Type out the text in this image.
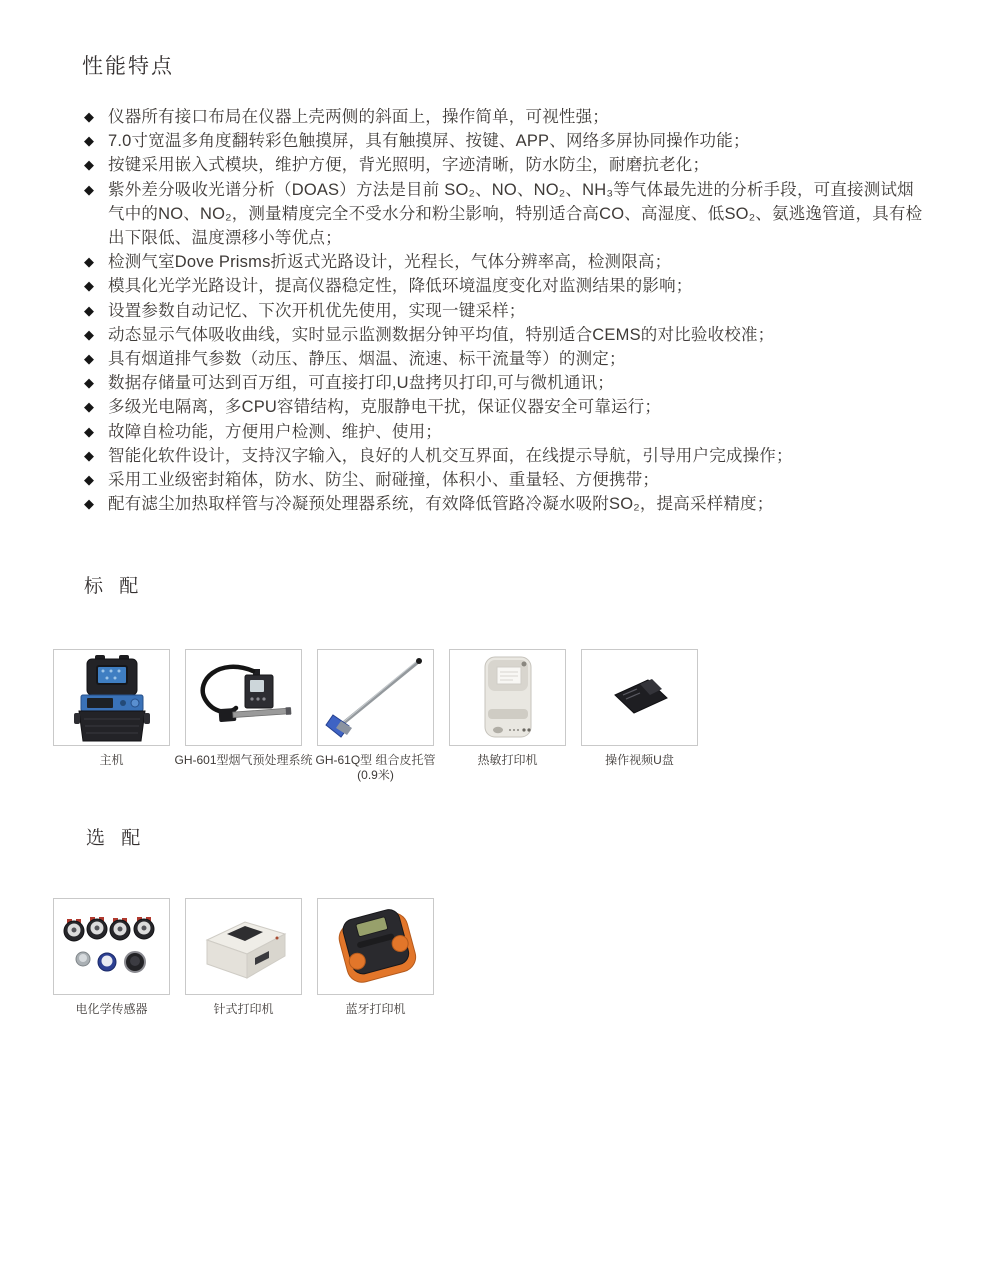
性能特点
◆ 仪器所有接口布局在仪器上壳两侧的斜面上，操作简单，可视性强；
◆ 7.0寸宽温多角度翻转彩色触摸屏，具有触摸屏、按键、APP、网络多屏协同操作功能；
◆ 按键采用嵌入式模块，维护方便，背光照明，字迹清晰，防水防尘，耐磨抗老化；
◆ 紫外差分吸收光谱分析（DOAS）方法是目前 SO₂、NO、NO₂、NH₃等气体最先进的分析手段，可直接测试烟气中的NO、NO₂，测量精度完全不受水分和粉尘影响，特别适合高CO、高湿度、低SO₂、氨逃逸管道，具有检出下限低、温度漂移小等优点；
◆ 检测气室Dove Prisms折返式光路设计，光程长，气体分辨率高，检测限高；
◆ 模具化光学光路设计，提高仪器稳定性，降低环境温度变化对监测结果的影响；
◆ 设置参数自动记忆、下次开机优先使用，实现一键采样；
◆ 动态显示气体吸收曲线，实时显示监测数据分钟平均值，特别适合CEMS的对比验收校准；
◆ 具有烟道排气参数（动压、静压、烟温、流速、标干流量等）的测定；
◆ 数据存储量可达到百万组，可直接打印,U盘拷贝打印,可与微机通讯；
◆ 多级光电隔离，多CPU容错结构，克服静电干扰，保证仪器安全可靠运行；
◆ 故障自检功能，方便用户检测、维护、使用；
◆ 智能化软件设计，支持汉字输入，良好的人机交互界面，在线提示导航，引导用户完成操作；
◆ 采用工业级密封箱体，防水、防尘、耐碰撞，体积小、重量轻、方便携带；
◆ 配有滤尘加热取样管与冷凝预处理器系统，有效降低管路冷凝水吸附SO₂，提高采样精度；
标 配
主机	GH-601型烟气预处理系统 GH-61Q型 组合皮托管
(0.9米)
热敏打印机	操作视频U盘
选 配
电化学传感器	针式打印机	蓝牙打印机
